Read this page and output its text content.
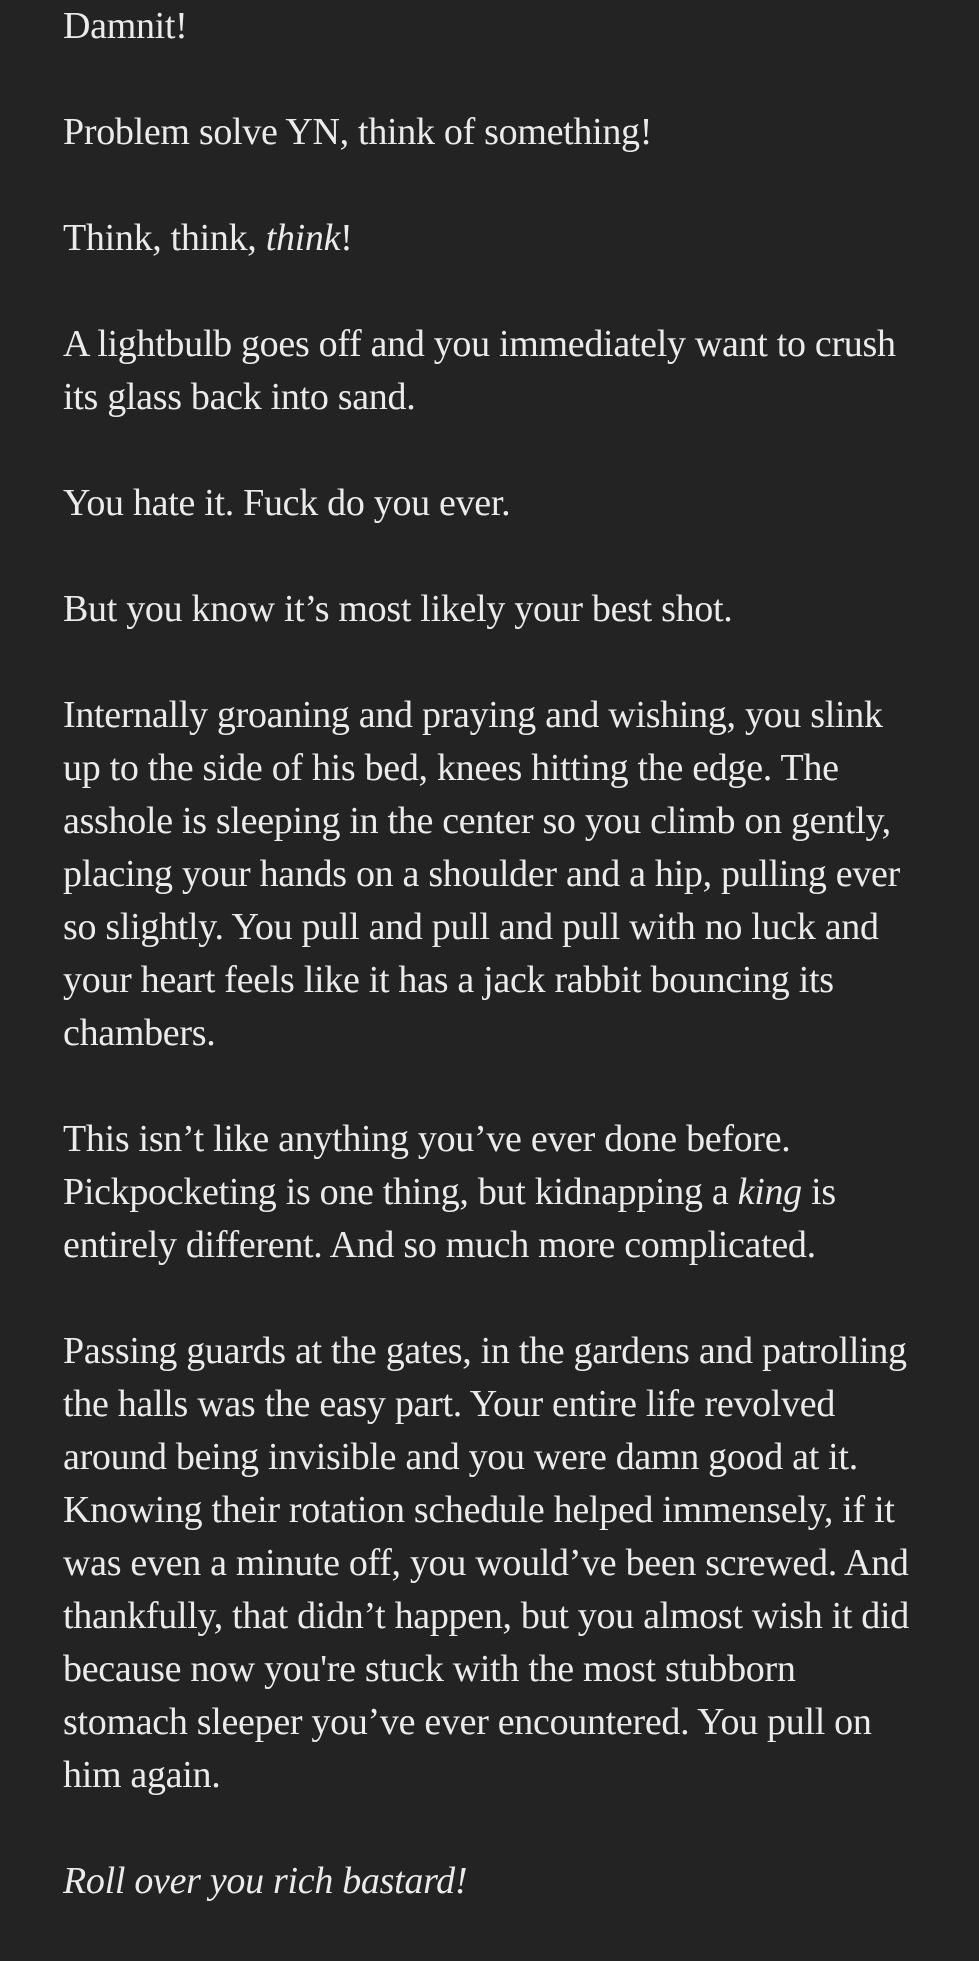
Damnit!

Problem solve YN, think of something!

Think, think, think!

A lightbulb goes off and you immediately want to crush its glass back into sand.

You hate it. Fuck do you ever.

But you know it’s most likely your best shot.

Internally groaning and praying and wishing, you slink up to the side of his bed, knees hitting the edge. The asshole is sleeping in the center so you climb on gently, placing your hands on a shoulder and a hip, pulling ever so slightly. You pull and pull and pull with no luck and your heart feels like it has a jack rabbit bouncing its chambers.

This isn’t like anything you’ve ever done before. Pickpocketing is one thing, but kidnapping a king is entirely different. And so much more complicated.

Passing guards at the gates, in the gardens and patrolling the halls was the easy part. Your entire life revolved around being invisible and you were damn good at it. Knowing their rotation schedule helped immensely, if it was even a minute off, you would’ve been screwed. And thankfully, that didn’t happen, but you almost wish it did because now you're stuck with the most stubborn stomach sleeper you’ve ever encountered. You pull on him again.

Roll over you rich bastard!
